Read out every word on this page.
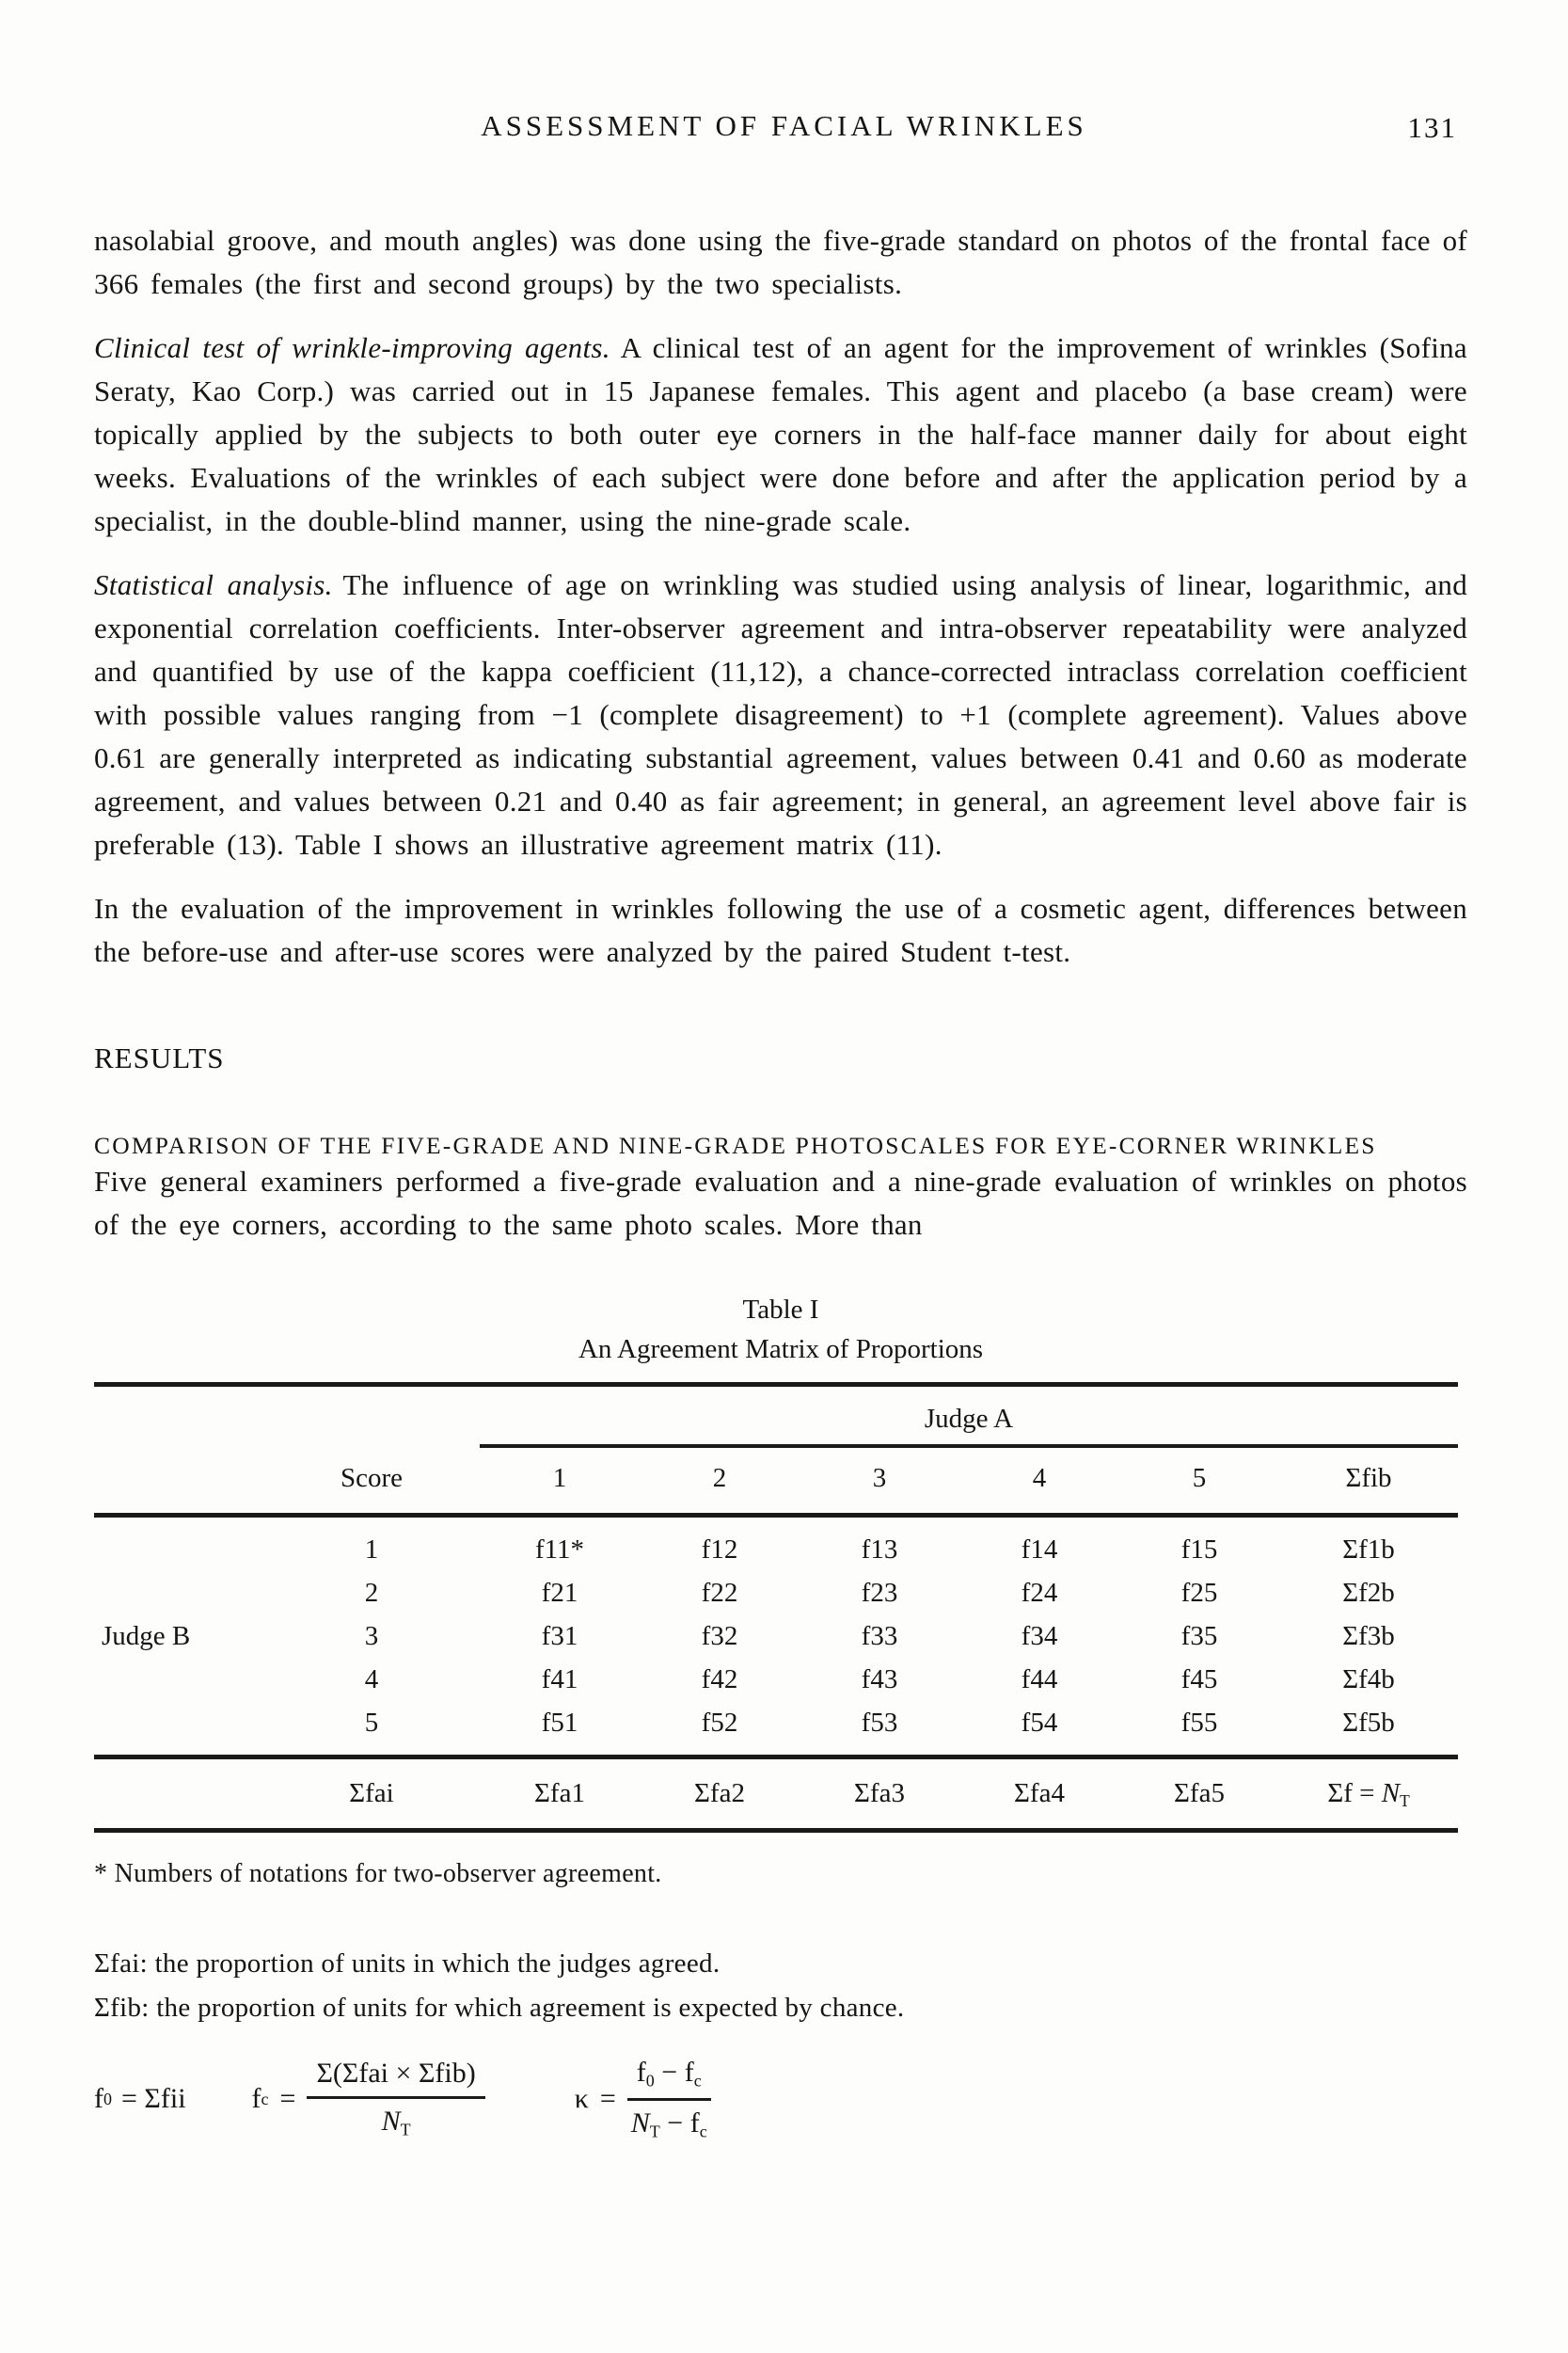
ASSESSMENT OF FACIAL WRINKLES	131

nasolabial groove, and mouth angles) was done using the five-grade standard on photos of the frontal face of 366 females (the first and second groups) by the two specialists.

Clinical test of wrinkle-improving agents. A clinical test of an agent for the improvement of wrinkles (Sofina Seraty, Kao Corp.) was carried out in 15 Japanese females. This agent and placebo (a base cream) were topically applied by the subjects to both outer eye corners in the half-face manner daily for about eight weeks. Evaluations of the wrinkles of each subject were done before and after the application period by a specialist, in the double-blind manner, using the nine-grade scale.

Statistical analysis. The influence of age on wrinkling was studied using analysis of linear, logarithmic, and exponential correlation coefficients. Inter-observer agreement and intra-observer repeatability were analyzed and quantified by use of the kappa coefficient (11,12), a chance-corrected intraclass correlation coefficient with possible values ranging from −1 (complete disagreement) to +1 (complete agreement). Values above 0.61 are generally interpreted as indicating substantial agreement, values between 0.41 and 0.60 as moderate agreement, and values between 0.21 and 0.40 as fair agreement; in general, an agreement level above fair is preferable (13). Table I shows an illustrative agreement matrix (11).

In the evaluation of the improvement in wrinkles following the use of a cosmetic agent, differences between the before-use and after-use scores were analyzed by the paired Student t-test.

RESULTS
COMPARISON OF THE FIVE-GRADE AND NINE-GRADE PHOTOSCALES FOR EYE-CORNER WRINKLES

Five general examiners performed a five-grade evaluation and a nine-grade evaluation of wrinkles on photos of the eye corners, according to the same photo scales. More than

Table I
An Agreement Matrix of Proportions
Judge A
Score	1	2	3	4	5	Σfib
1	f11*	f12	f13	f14	f15	Σf1b
2	f21	f22	f23	f24	f25	Σf2b
Judge B	3	f31	f32	f33	f34	f35	Σf3b
4	f41	f42	f43	f44	f45	Σf4b
5	f51	f52	f53	f54	f55	Σf5b
Σfai	Σfa1	Σfa2	Σfa3	Σfa4	Σfa5	Σf = NT
* Numbers of notations for two-observer agreement.
Σfai: the proportion of units in which the judges agreed.
Σfib: the proportion of units for which agreement is expected by chance.
f 0 = Σfii f $c = \frac{\text{Σ(Σfai × Σfib)}}{NT}$	$\kappa = \frac{f0 - fc}{NT - fc}$
